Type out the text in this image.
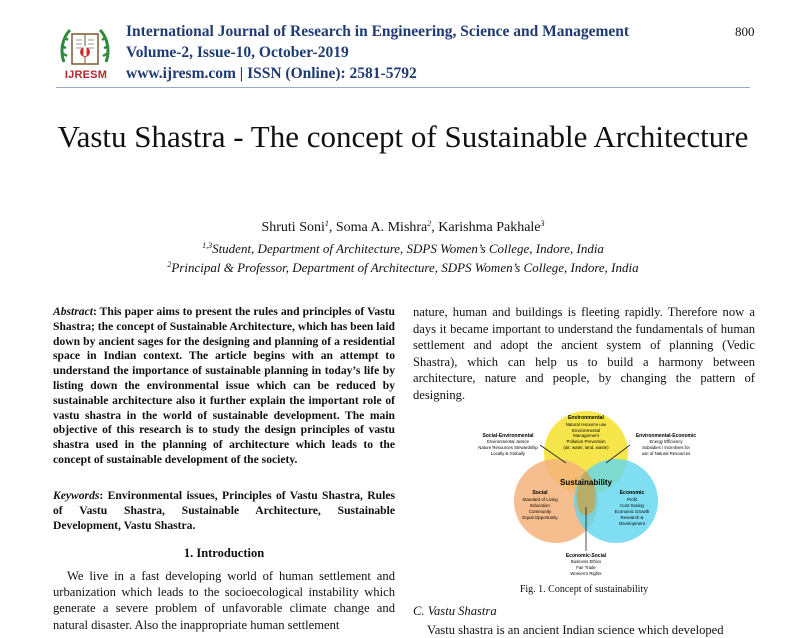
IJRESM
International Journal of Research in Engineering, Science and Management
Volume-2, Issue-10, October-2019
www.ijresm.com | ISSN (Online): 2581-5792
800
Vastu Shastra - The concept of Sustainable Architecture
Shruti Soni$^1$, Soma A. Mishra$^2$, Karishma Pakhale$^3$
$^{1,3}$Student, Department of Architecture, SDPS Women’s College, Indore, India
$^2$Principal & Professor, Department of Architecture, SDPS Women’s College, Indore, India
Abstract: This paper aims to present the rules and principles of Vastu Shastra; the concept of Sustainable Architecture, which has been laid down by ancient sages for the designing and planning of a residential space in Indian context. The article begins with an attempt to understand the importance of sustainable planning in today’s life by listing down the environmental issue which can be reduced by sustainable architecture also it further explain the important role of vastu shastra in the world of sustainable development. The main objective of this research is to study the design principles of vastu shastra used in the planning of architecture which leads to the concept of sustainable development of the society.
Keywords: Environmental issues, Principles of Vastu Shastra, Rules of Vastu Shastra, Sustainable Architecture, Sustainable Development, Vastu Shastra.
1. Introduction
We live in a fast developing world of human settlement and urbanization which leads to the socioecological instability which generate a severe problem of unfavorable climate change and natural disaster. Also the inappropriate human settlement
nature, human and buildings is fleeting rapidly. Therefore now a days it became important to understand the fundamentals of human settlement and adopt the ancient system of planning (Vedic Shastra), which can help us to build a harmony between architecture, nature and people, by changing the pattern of designing.
Environmental
Natural resource use
Environmental
Management
Pollution Prevention
(air, water, land, waste)
Sustainability
Social
Standard of Living
Education
Community
Equal Opportunity
Economic
Profit
Cost Saving
Economic Growth
Research &
Development
Social-Environmental
Environmental Justice
Nature Resources Stewardship
Locally & Globally
Environmental-Economic
Energy Efficiency
Subsidies / Incentives for
use of Natural Resources
Economic-Social
Business Ethics
Fair Trade
Women’s Rights
Fig. 1. Concept of sustainability
C. Vastu Shastra
Vastu shastra is an ancient Indian science which developed
